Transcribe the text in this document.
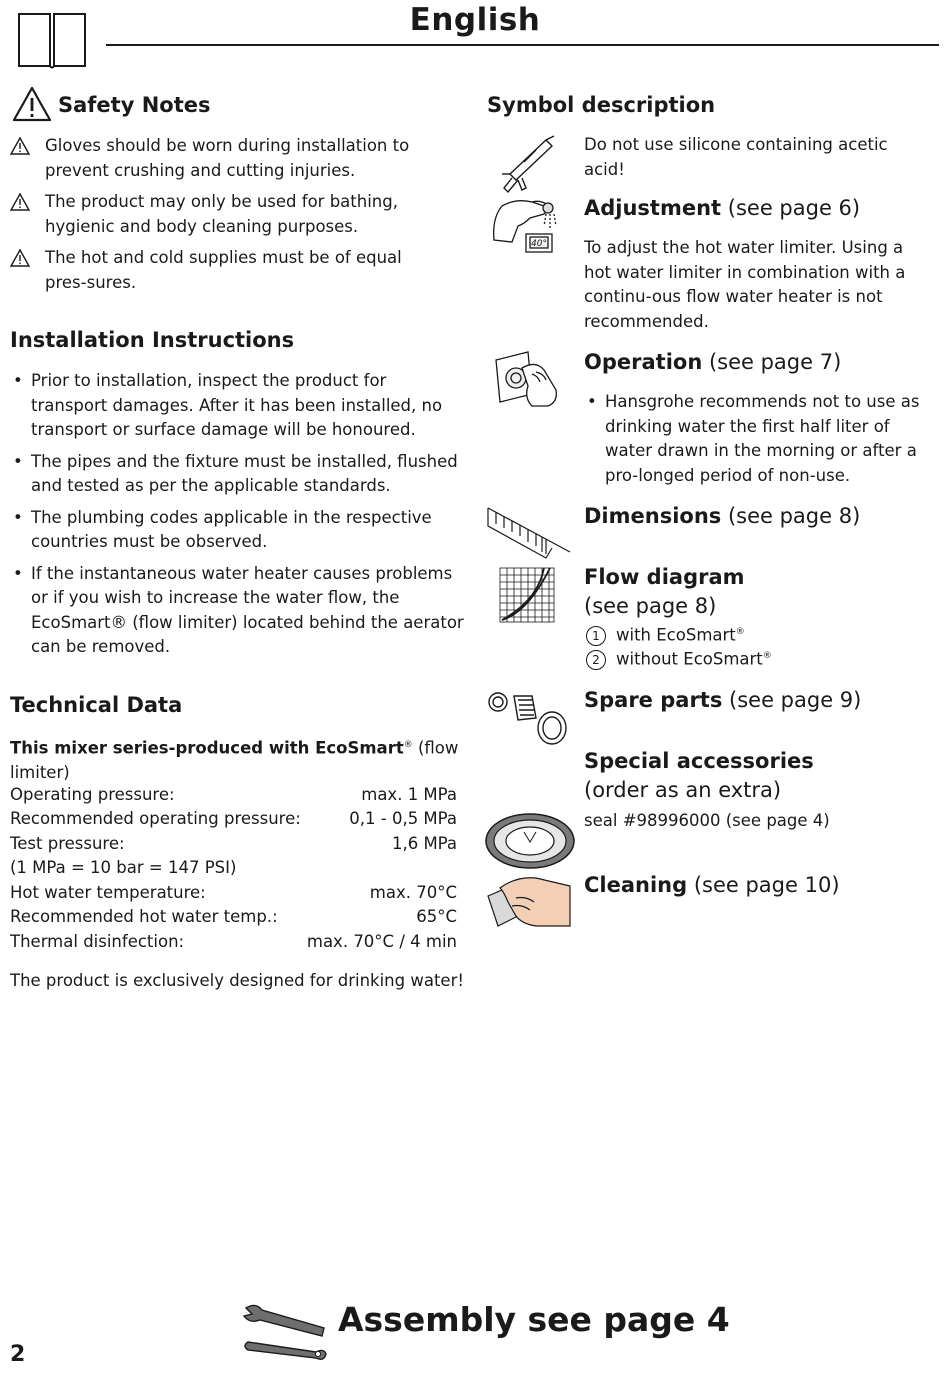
English
Safety Notes
Gloves should be worn during installation to prevent crushing and cutting injuries.
The product may only be used for bathing, hygienic and body cleaning purposes.
The hot and cold supplies must be of equal pres-sures.
Installation Instructions
• Prior to installation, inspect the product for transport damages. After it has been installed, no transport or surface damage will be honoured.
• The pipes and the fixture must be installed, flushed and tested as per the applicable standards.
• The plumbing codes applicable in the respective countries must be observed.
• If the instantaneous water heater causes problems or if you wish to increase the water flow, the EcoSmart® (flow limiter) located behind the aerator can be removed.
Technical Data
This mixer series-produced with EcoSmart® (flow limiter)
Operating pressure:	max. 1 MPa
Recommended operating pressure:	0,1 - 0,5 MPa
Test pressure:	1,6 MPa
(1 MPa = 10 bar = 147 PSI)
Hot water temperature:	max. 70°C
Recommended hot water temp.:	65°C
Thermal disinfection:	max. 70°C / 4 min
The product is exclusively designed for drinking water!
Symbol description
Do not use silicone containing acetic acid!
40°
Adjustment (see page 6)
To adjust the hot water limiter. Using a hot water limiter in combination with a continu-ous flow water heater is not recommended.
Operation (see page 7)
• Hansgrohe recommends not to use as drinking water the first half liter of water drawn in the morning or after a pro-longed period of non-use.
Dimensions (see page 8)
Flow diagram
(see page 8)
1 with EcoSmart®
2 without EcoSmart®
Spare parts (see page 9)
Special accessories
(order as an extra)
seal #98996000 (see page 4)
Cleaning (see page 10)
Assembly see page 4
2
